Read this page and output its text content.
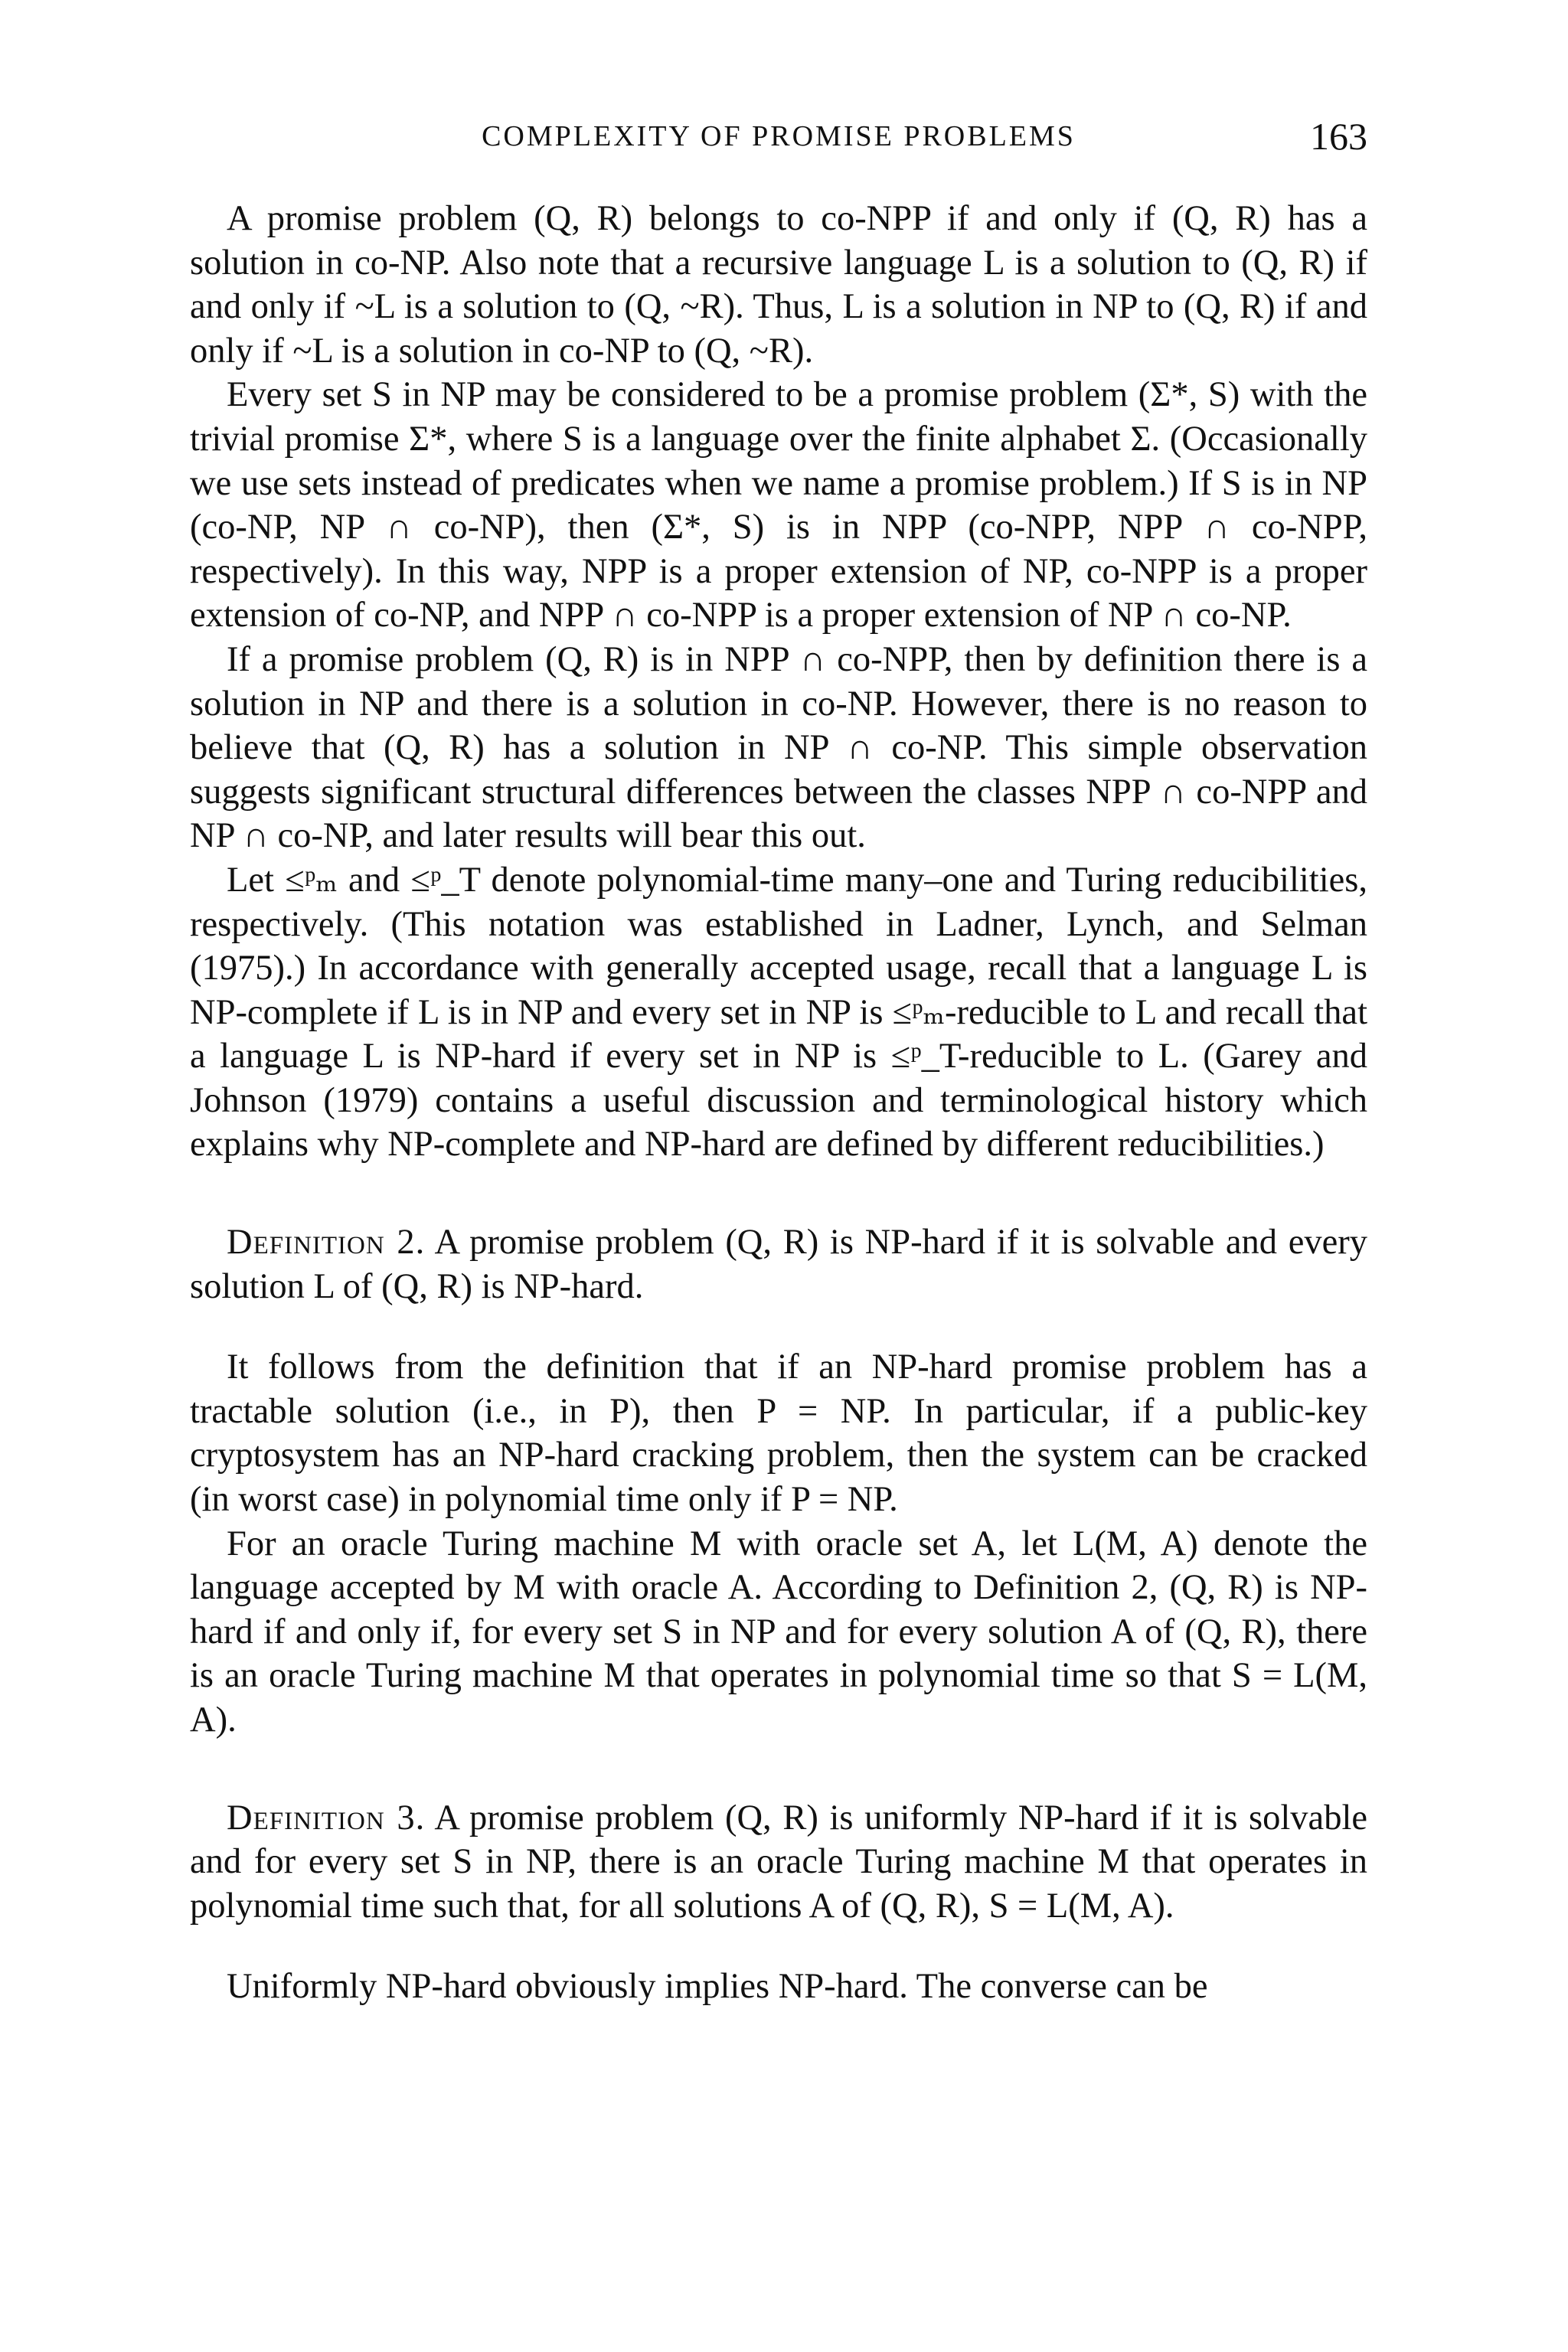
COMPLEXITY OF PROMISE PROBLEMS	163

A promise problem (Q, R) belongs to co-NPP if and only if (Q, R) has a solution in co-NP. Also note that a recursive language L is a solution to (Q, R) if and only if ~L is a solution to (Q, ~R). Thus, L is a solution in NP to (Q, R) if and only if ~L is a solution in co-NP to (Q, ~R).

Every set S in NP may be considered to be a promise problem (Σ*, S) with the trivial promise Σ*, where S is a language over the finite alphabet Σ. (Occasionally we use sets instead of predicates when we name a promise problem.) If S is in NP (co-NP, NP ∩ co-NP), then (Σ*, S) is in NPP (co-NPP, NPP ∩ co-NPP, respectively). In this way, NPP is a proper extension of NP, co-NPP is a proper extension of co-NP, and NPP ∩ co-NPP is a proper extension of NP ∩ co-NP.

If a promise problem (Q, R) is in NPP ∩ co-NPP, then by definition there is a solution in NP and there is a solution in co-NP. However, there is no reason to believe that (Q, R) has a solution in NP ∩ co-NP. This simple observation suggests significant structural differences between the classes NPP ∩ co-NPP and NP ∩ co-NP, and later results will bear this out.

Let ≤ᵖₘ and ≤ᵖ_T denote polynomial-time many–one and Turing reducibilities, respectively. (This notation was established in Ladner, Lynch, and Selman (1975).) In accordance with generally accepted usage, recall that a language L is NP-complete if L is in NP and every set in NP is ≤ᵖₘ-reducible to L and recall that a language L is NP-hard if every set in NP is ≤ᵖ_T-reducible to L. (Garey and Johnson (1979) contains a useful discussion and terminological history which explains why NP-complete and NP-hard are defined by different reducibilities.)

Definition 2. A promise problem (Q, R) is NP-hard if it is solvable and every solution L of (Q, R) is NP-hard.

It follows from the definition that if an NP-hard promise problem has a tractable solution (i.e., in P), then P = NP. In particular, if a public-key cryptosystem has an NP-hard cracking problem, then the system can be cracked (in worst case) in polynomial time only if P = NP.

For an oracle Turing machine M with oracle set A, let L(M, A) denote the language accepted by M with oracle A. According to Definition 2, (Q, R) is NP-hard if and only if, for every set S in NP and for every solution A of (Q, R), there is an oracle Turing machine M that operates in polynomial time so that S = L(M, A).

Definition 3. A promise problem (Q, R) is uniformly NP-hard if it is solvable and for every set S in NP, there is an oracle Turing machine M that operates in polynomial time such that, for all solutions A of (Q, R), S = L(M, A).

Uniformly NP-hard obviously implies NP-hard. The converse can be
